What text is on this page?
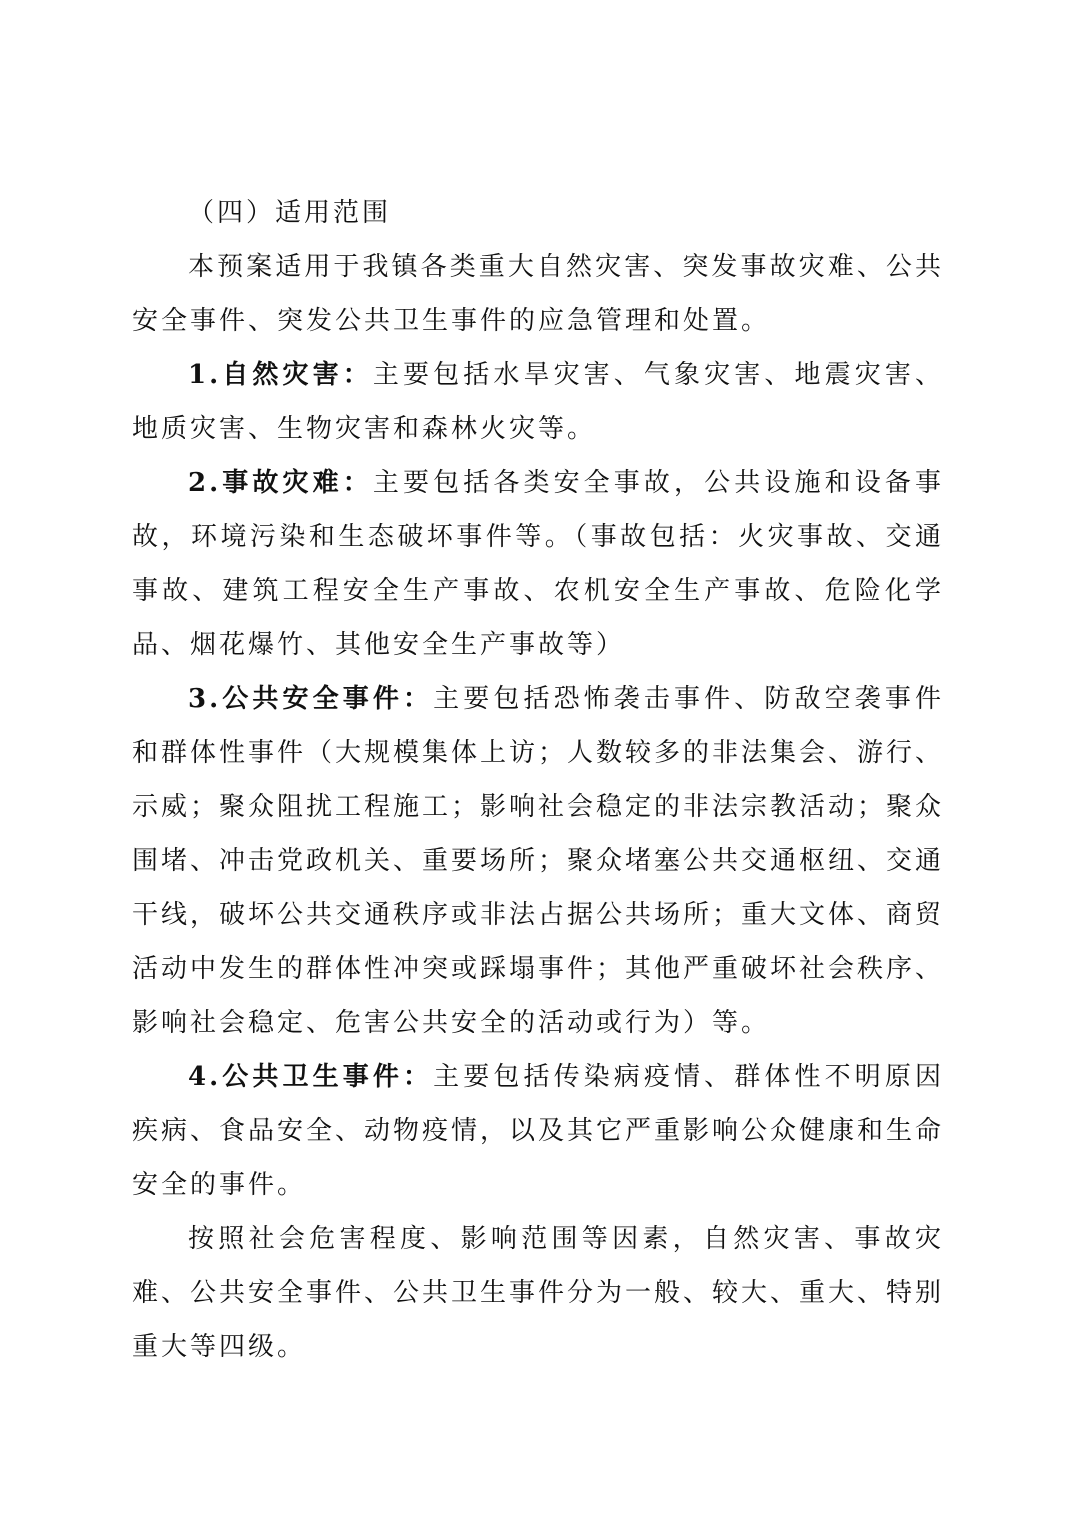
（四）适用范围

本预案适用于我镇各类重大自然灾害、突发事故灾难、公共安全事件、突发公共卫生事件的应急管理和处置。

1.自然灾害：主要包括水旱灾害、气象灾害、地震灾害、地质灾害、生物灾害和森林火灾等。

2.事故灾难：主要包括各类安全事故，公共设施和设备事故，环境污染和生态破坏事件等。（事故包括：火灾事故、交通事故、建筑工程安全生产事故、农机安全生产事故、危险化学品、烟花爆竹、其他安全生产事故等）

3.公共安全事件：主要包括恐怖袭击事件、防敌空袭事件和群体性事件（大规模集体上访；人数较多的非法集会、游行、示威；聚众阻扰工程施工；影响社会稳定的非法宗教活动；聚众围堵、冲击党政机关、重要场所；聚众堵塞公共交通枢纽、交通干线，破坏公共交通秩序或非法占据公共场所；重大文体、商贸活动中发生的群体性冲突或踩塌事件；其他严重破坏社会秩序、影响社会稳定、危害公共安全的活动或行为）等。

4.公共卫生事件：主要包括传染病疫情、群体性不明原因疾病、食品安全、动物疫情，以及其它严重影响公众健康和生命安全的事件。

按照社会危害程度、影响范围等因素，自然灾害、事故灾难、公共安全事件、公共卫生事件分为一般、较大、重大、特别重大等四级。
